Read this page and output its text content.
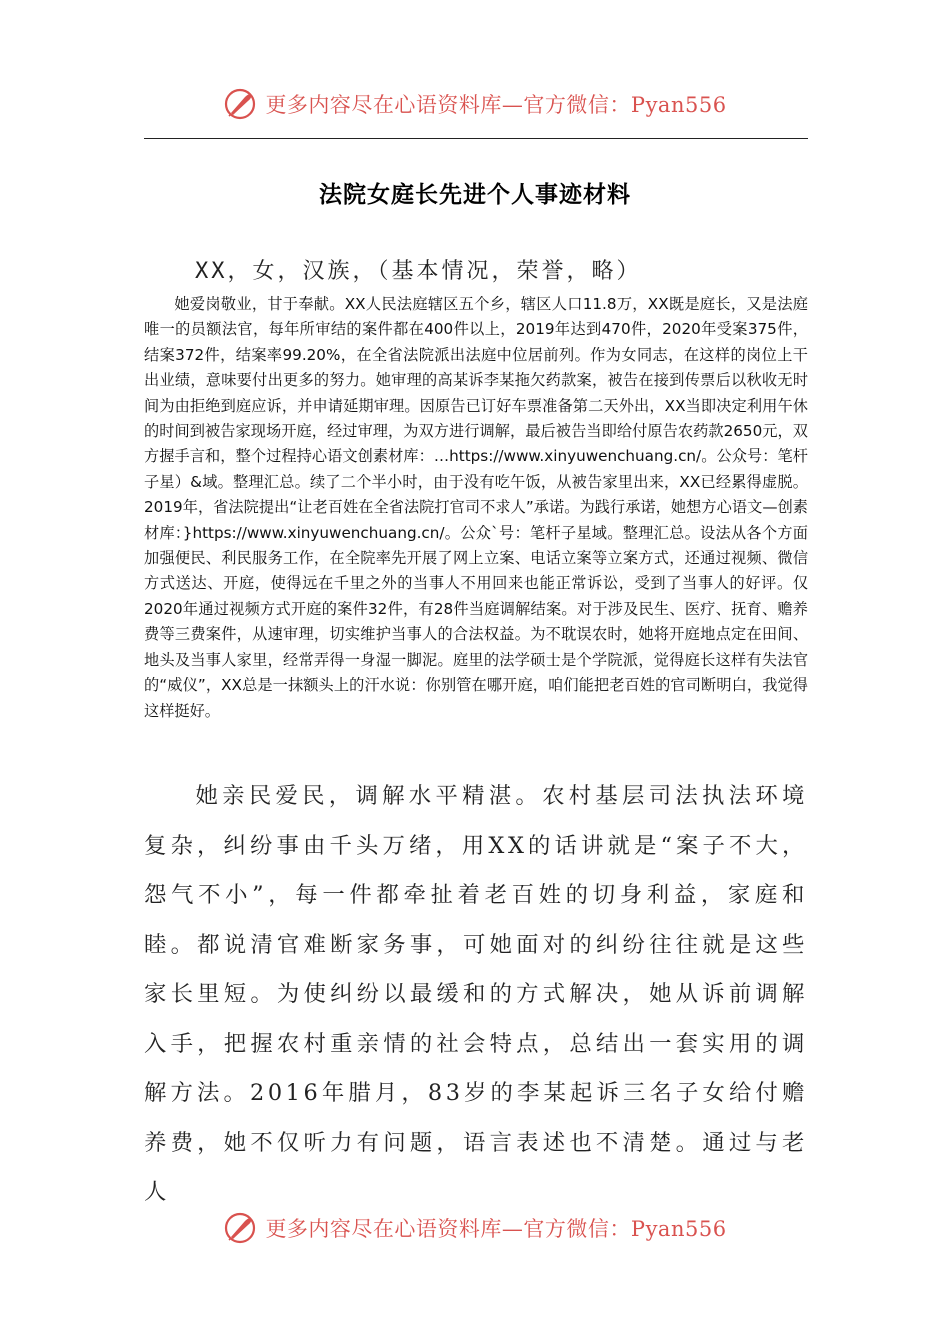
更多内容尽在心语资料库—官方微信：Pyan556
法院女庭长先进个人事迹材料
XX，女，汉族，（基本情况，荣誉，略）

她爱岗敬业，甘于奉献。XX人民法庭辖区五个乡，辖区人口11.8万，XX既是庭长，又是法庭唯一的员额法官，每年所审结的案件都在400件以上，2019年达到470件，2020年受案375件，结案372件，结案率99.20%，在全省法院派出法庭中位居前列。作为女同志，在这样的岗位上干出业绩，意味要付出更多的努力。她审理的高某诉李某拖欠药款案，被告在接到传票后以秋收无时间为由拒绝到庭应诉，并申请延期审理。因原告已订好车票准备第二天外出，XX当即决定利用午休的时间到被告家现场开庭，经过审理，为双方进行调解，最后被告当即给付原告农药款2650元，双方握手言和，整个过程持心语文创素材库：…https://www.xinyuwenchuang.cn/。公众号：笔杆子星）&域。整理汇总。续了二个半小时，由于没有吃午饭，从被告家里出来，XX已经累得虚脱。2019年，省法院提出“让老百姓在全省法院打官司不求人”承诺。为践行承诺，她想方心语文—创素材库：}https://www.xinyuwenchuang.cn/。公众`号：笔杆子星域。整理汇总。设法从各个方面加强便民、利民服务工作，在全院率先开展了网上立案、电话立案等立案方式，还通过视频、微信方式送达、开庭，使得远在千里之外的当事人不用回来也能正常诉讼，受到了当事人的好评。仅2020年通过视频方式开庭的案件32件，有28件当庭调解结案。对于涉及民生、医疗、抚育、赡养费等三费案件，从速审理，切实维护当事人的合法权益。为不耽误农时，她将开庭地点定在田间、地头及当事人家里，经常弄得一身湿一脚泥。庭里的法学硕士是个学院派，觉得庭长这样有失法官的“威仪”，XX总是一抹额头上的汗水说：你别管在哪开庭，咱们能把老百姓的官司断明白，我觉得这样挺好。

她亲民爱民，调解水平精湛。农村基层司法执法环境复杂，纠纷事由千头万绪，用XX的话讲就是“案子不大，怨气不小”，每一件都牵扯着老百姓的切身利益，家庭和睦。都说清官难断家务事，可她面对的纠纷往往就是这些家长里短。为使纠纷以最缓和的方式解决，她从诉前调解入手，把握农村重亲情的社会特点，总结出一套实用的调解方法。2016年腊月，83岁的李某起诉三名子女给付赡养费，她不仅听力有问题，语言表述也不清楚。通过与老人

更多内容尽在心语资料库—官方微信：Pyan556
